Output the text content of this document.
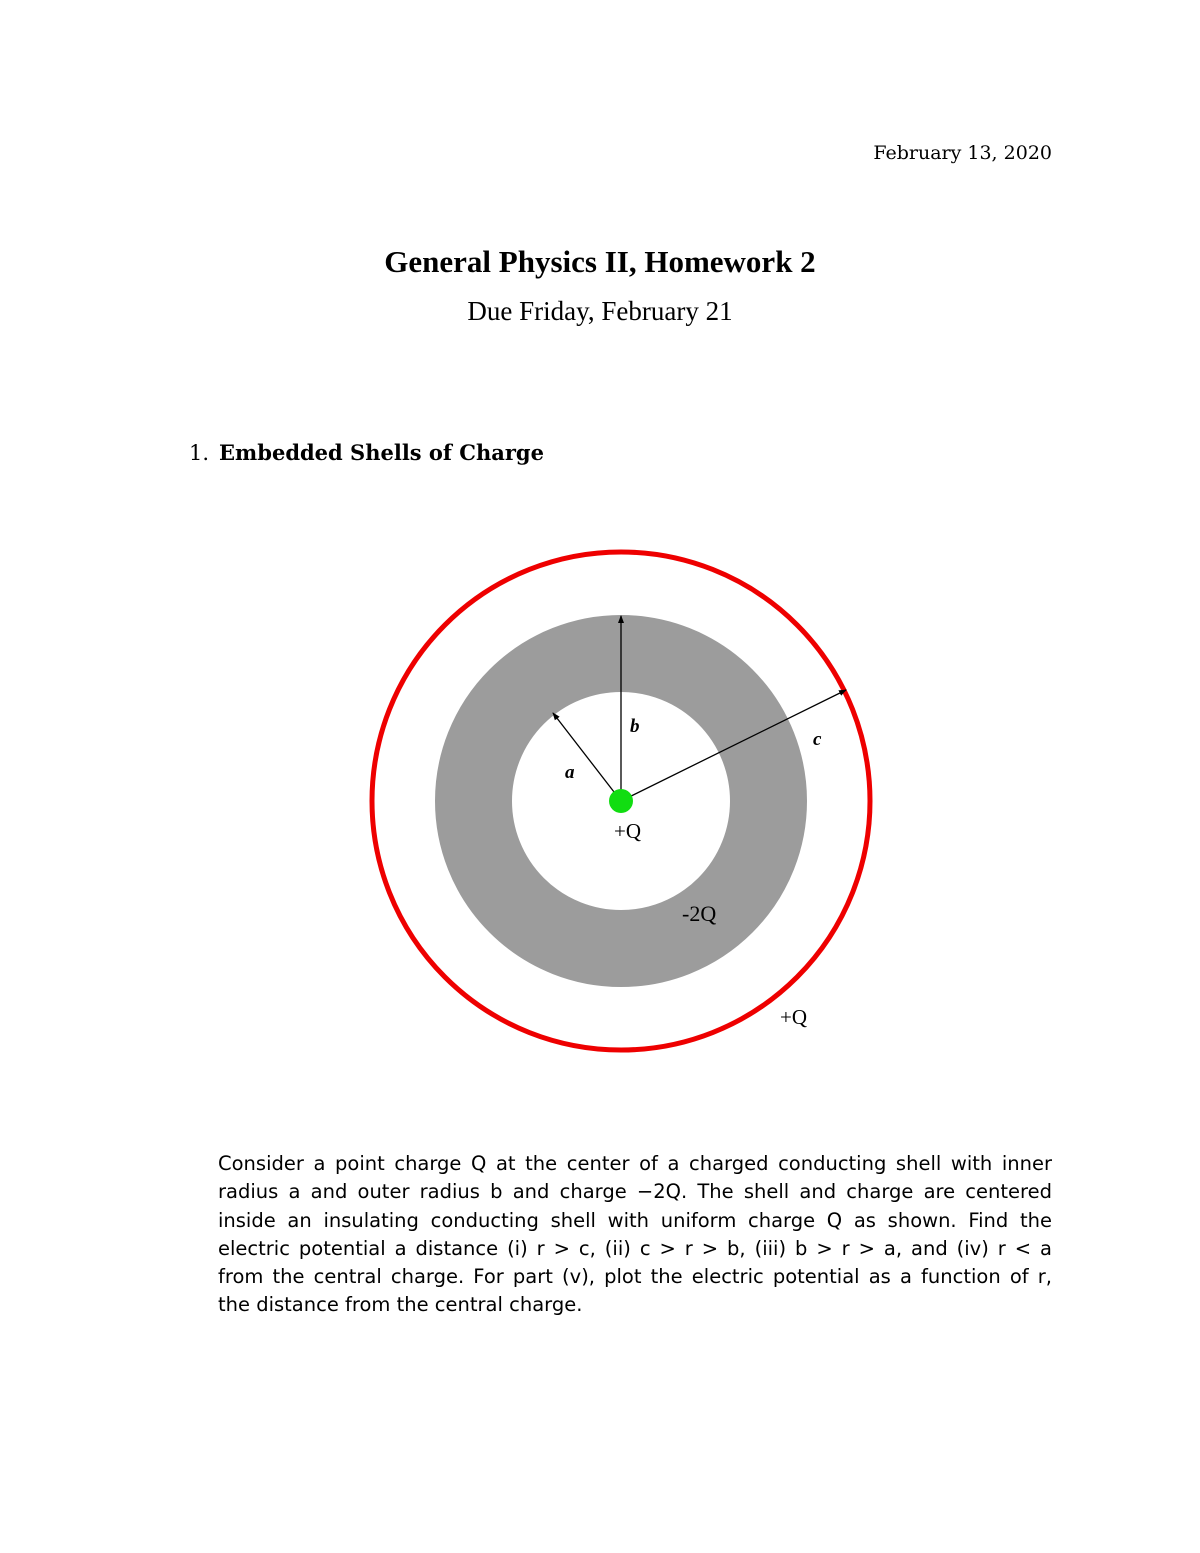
February 13, 2020
General Physics II, Homework 2
Due Friday, February 21
1. Embedded Shells of Charge
a
b
c
+Q
-2Q
+Q
Consider a point charge Q at the center of a charged conducting shell with inner
radius a and outer radius b and charge −2Q. The shell and charge are centered
inside an insulating conducting shell with uniform charge Q as shown. Find the
electric potential a distance (i) r > c, (ii) c > r > b, (iii) b > r > a, and (iv) r < a
from the central charge. For part (v), plot the electric potential as a function of r,
the distance from the central charge.
